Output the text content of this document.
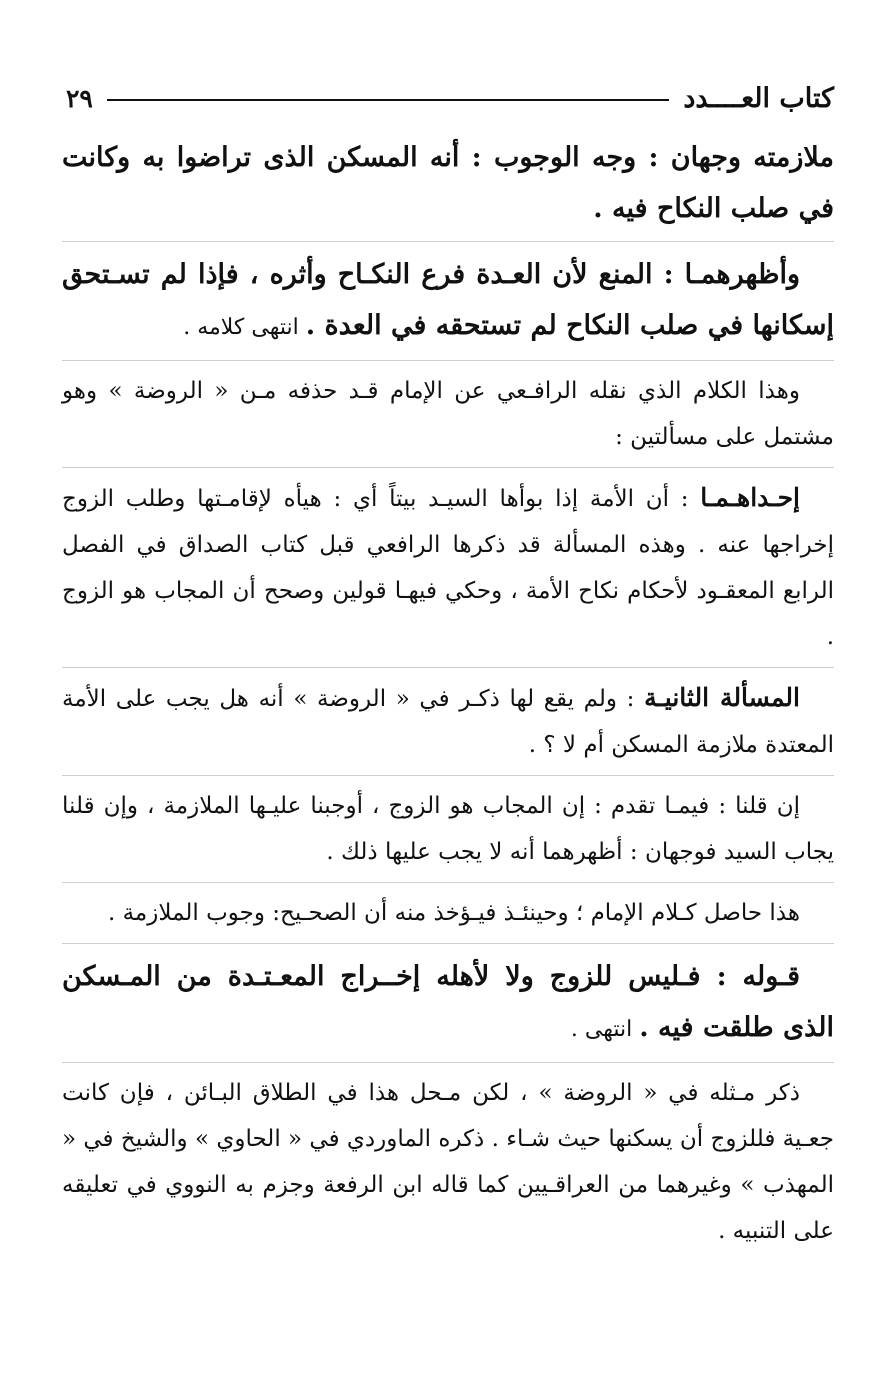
كتاب العــــدد
٢٩

ملازمته وجهان : وجه الوجوب : أنه المسكن الذى تراضوا به وكانت في صلب النكاح فيه .

وأظهرهمـا : المنع لأن العـدة فرع النكـاح وأثره ، فإذا لم تسـتحق إسكانها في صلب النكاح لم تستحقه في العدة . انتهى كلامه .

وهذا الكلام الذي نقله الرافـعي عن الإمام قـد حذفه مـن « الروضة » وهو مشتمل على مسألتين :

إحـداهـمـا : أن الأمة إذا بوأها السيـد بيتاً أي : هيأه لإقامـتها وطلب الزوج إخراجها عنه . وهذه المسألة قد ذكرها الرافعي قبل كتاب الصداق في الفصل الرابع المعقـود لأحكام نكاح الأمة ، وحكي فيهـا قولين وصحح أن المجاب هو الزوج .

المسألة الثانيـة : ولم يقع لها ذكـر في « الروضة » أنه هل يجب على الأمة المعتدة ملازمة المسكن أم لا ؟ .

إن قلنا : فيمـا تقدم : إن المجاب هو الزوج ، أوجبنا عليـها الملازمة ، وإن قلنا يجاب السيد فوجهان : أظهرهما أنه لا يجب عليها ذلك .

هذا حاصل كـلام الإمام ؛ وحينئـذ فيـؤخذ منه أن الصحـيح: وجوب الملازمة .

قـوله : فـليس للزوج ولا لأهله إخــراج المعـتـدة من المـسكن الذى طلقت فيه . انتهى .

ذكر مـثله في « الروضة » ، لكن مـحل هذا في الطلاق البـائن ، فإن كانت جعـية فللزوج أن يسكنها حيث شـاء . ذكره الماوردي في « الحاوي » والشيخ في « المهذب » وغيرهما من العراقـيين كما قاله ابن الرفعة وجزم به النووي في تعليقه على التنبيه .
